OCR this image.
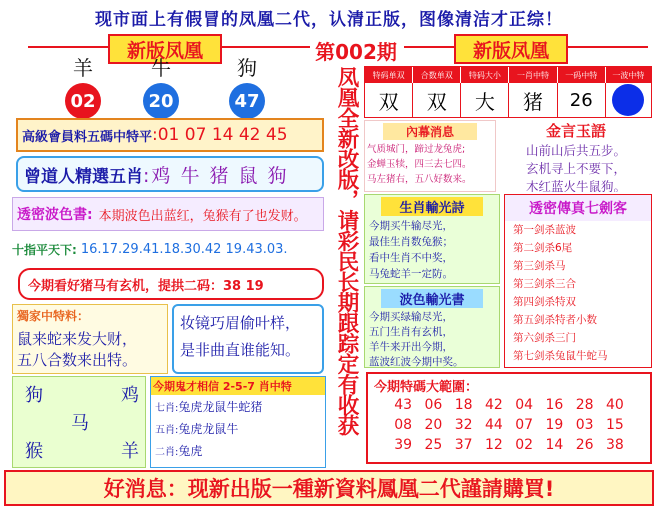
现市面上有假冒的凤凰二代，认清正版，图像清洁才正综！
新版凤凰	第002期	新版凤凰
羊
02
牛
20
狗
47
特码单双	合数单双	特码大小	一肖中特	一码中特	一波中特
双	双	大	猪	26
高級會員料五碼中特平 :01 07 14 42 45
曾道人精選五肖 :鸡 牛 猪 鼠 狗
透密波色書: 本期波色出蓝红，兔猴有了也发财。
十指平天下: 16.17.29.41.18.30.42 19.43.03.
今期看好猪马有玄机，提拱二码：38 19
獨家中特料：
鼠来蛇来发大财，
五八合数来出特。
妆镜巧眉偷叶样，
是非曲直谁能知。
狗	鸡
马
猴	羊
今期鬼才相信 2-5-7 肖中特
七肖: 兔虎龙鼠牛蛇猪
五肖: 兔虎龙鼠牛
二肖: 兔虎
凤凰全新改版，请彩民长期跟踪定有收获	內幕消息
气质城门，蹄过龙兔虎;
金蝉玉犊，四三去七四。
马左猪右，五八好数来。
金言玉語
山前山后共五步。
玄机寻上不要下，
木红蓝火牛鼠狗。
生肖輸光詩
今期买牛输尽光，
最佳生肖数兔猴；
看中生肖不中奖，
马兔蛇羊一定防。
波色輸光書
今期买绿输尽光，
五门生肖有玄机，
羊牛来开出今期，
蓝波红波今期中奖。
透密傳真七劍客
第一剑杀蓝波
第二剑杀6尾
第三剑杀马
第三剑杀三合
第四剑杀特双
第五剑杀特者小数
第六剑杀三门
第七剑杀兔鼠牛蛇马
今期特碼大範圍：
43 06 18 42 04 16 28 40
08 20 32 44 07 19 03 15
39 25 37 12 02 14 26 38
好消息：现新出版一種新資料鳳凰二代謹請購買!
